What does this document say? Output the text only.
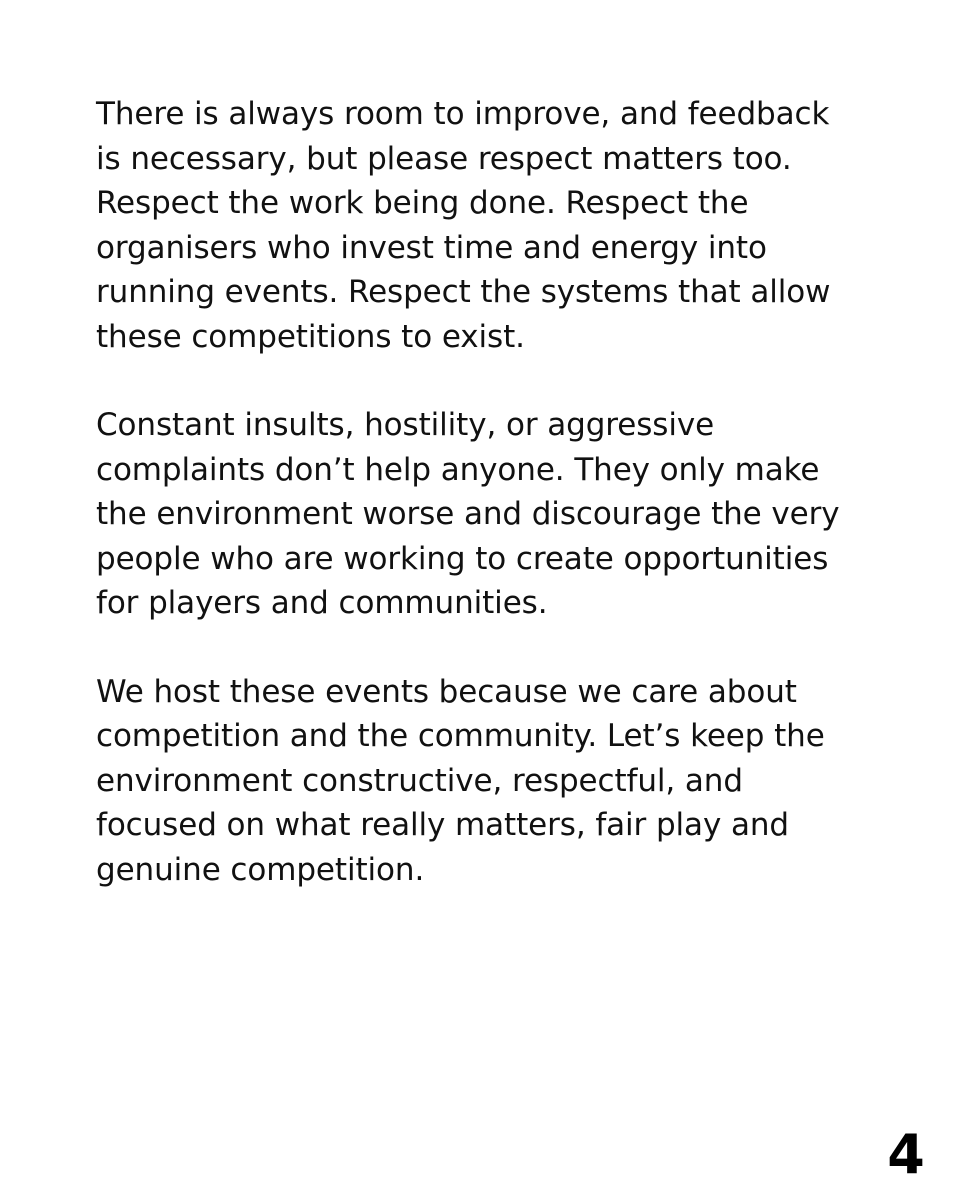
There is always room to improve, and feedback
is necessary, but please respect matters too.
Respect the work being done. Respect the
organisers who invest time and energy into
running events. Respect the systems that allow
these competitions to exist.

Constant insults, hostility, or aggressive
complaints don’t help anyone. They only make
the environment worse and discourage the very
people who are working to create opportunities
for players and communities.

We host these events because we care about
competition and the community. Let’s keep the
environment constructive, respectful, and
focused on what really matters, fair play and
genuine competition.

4
